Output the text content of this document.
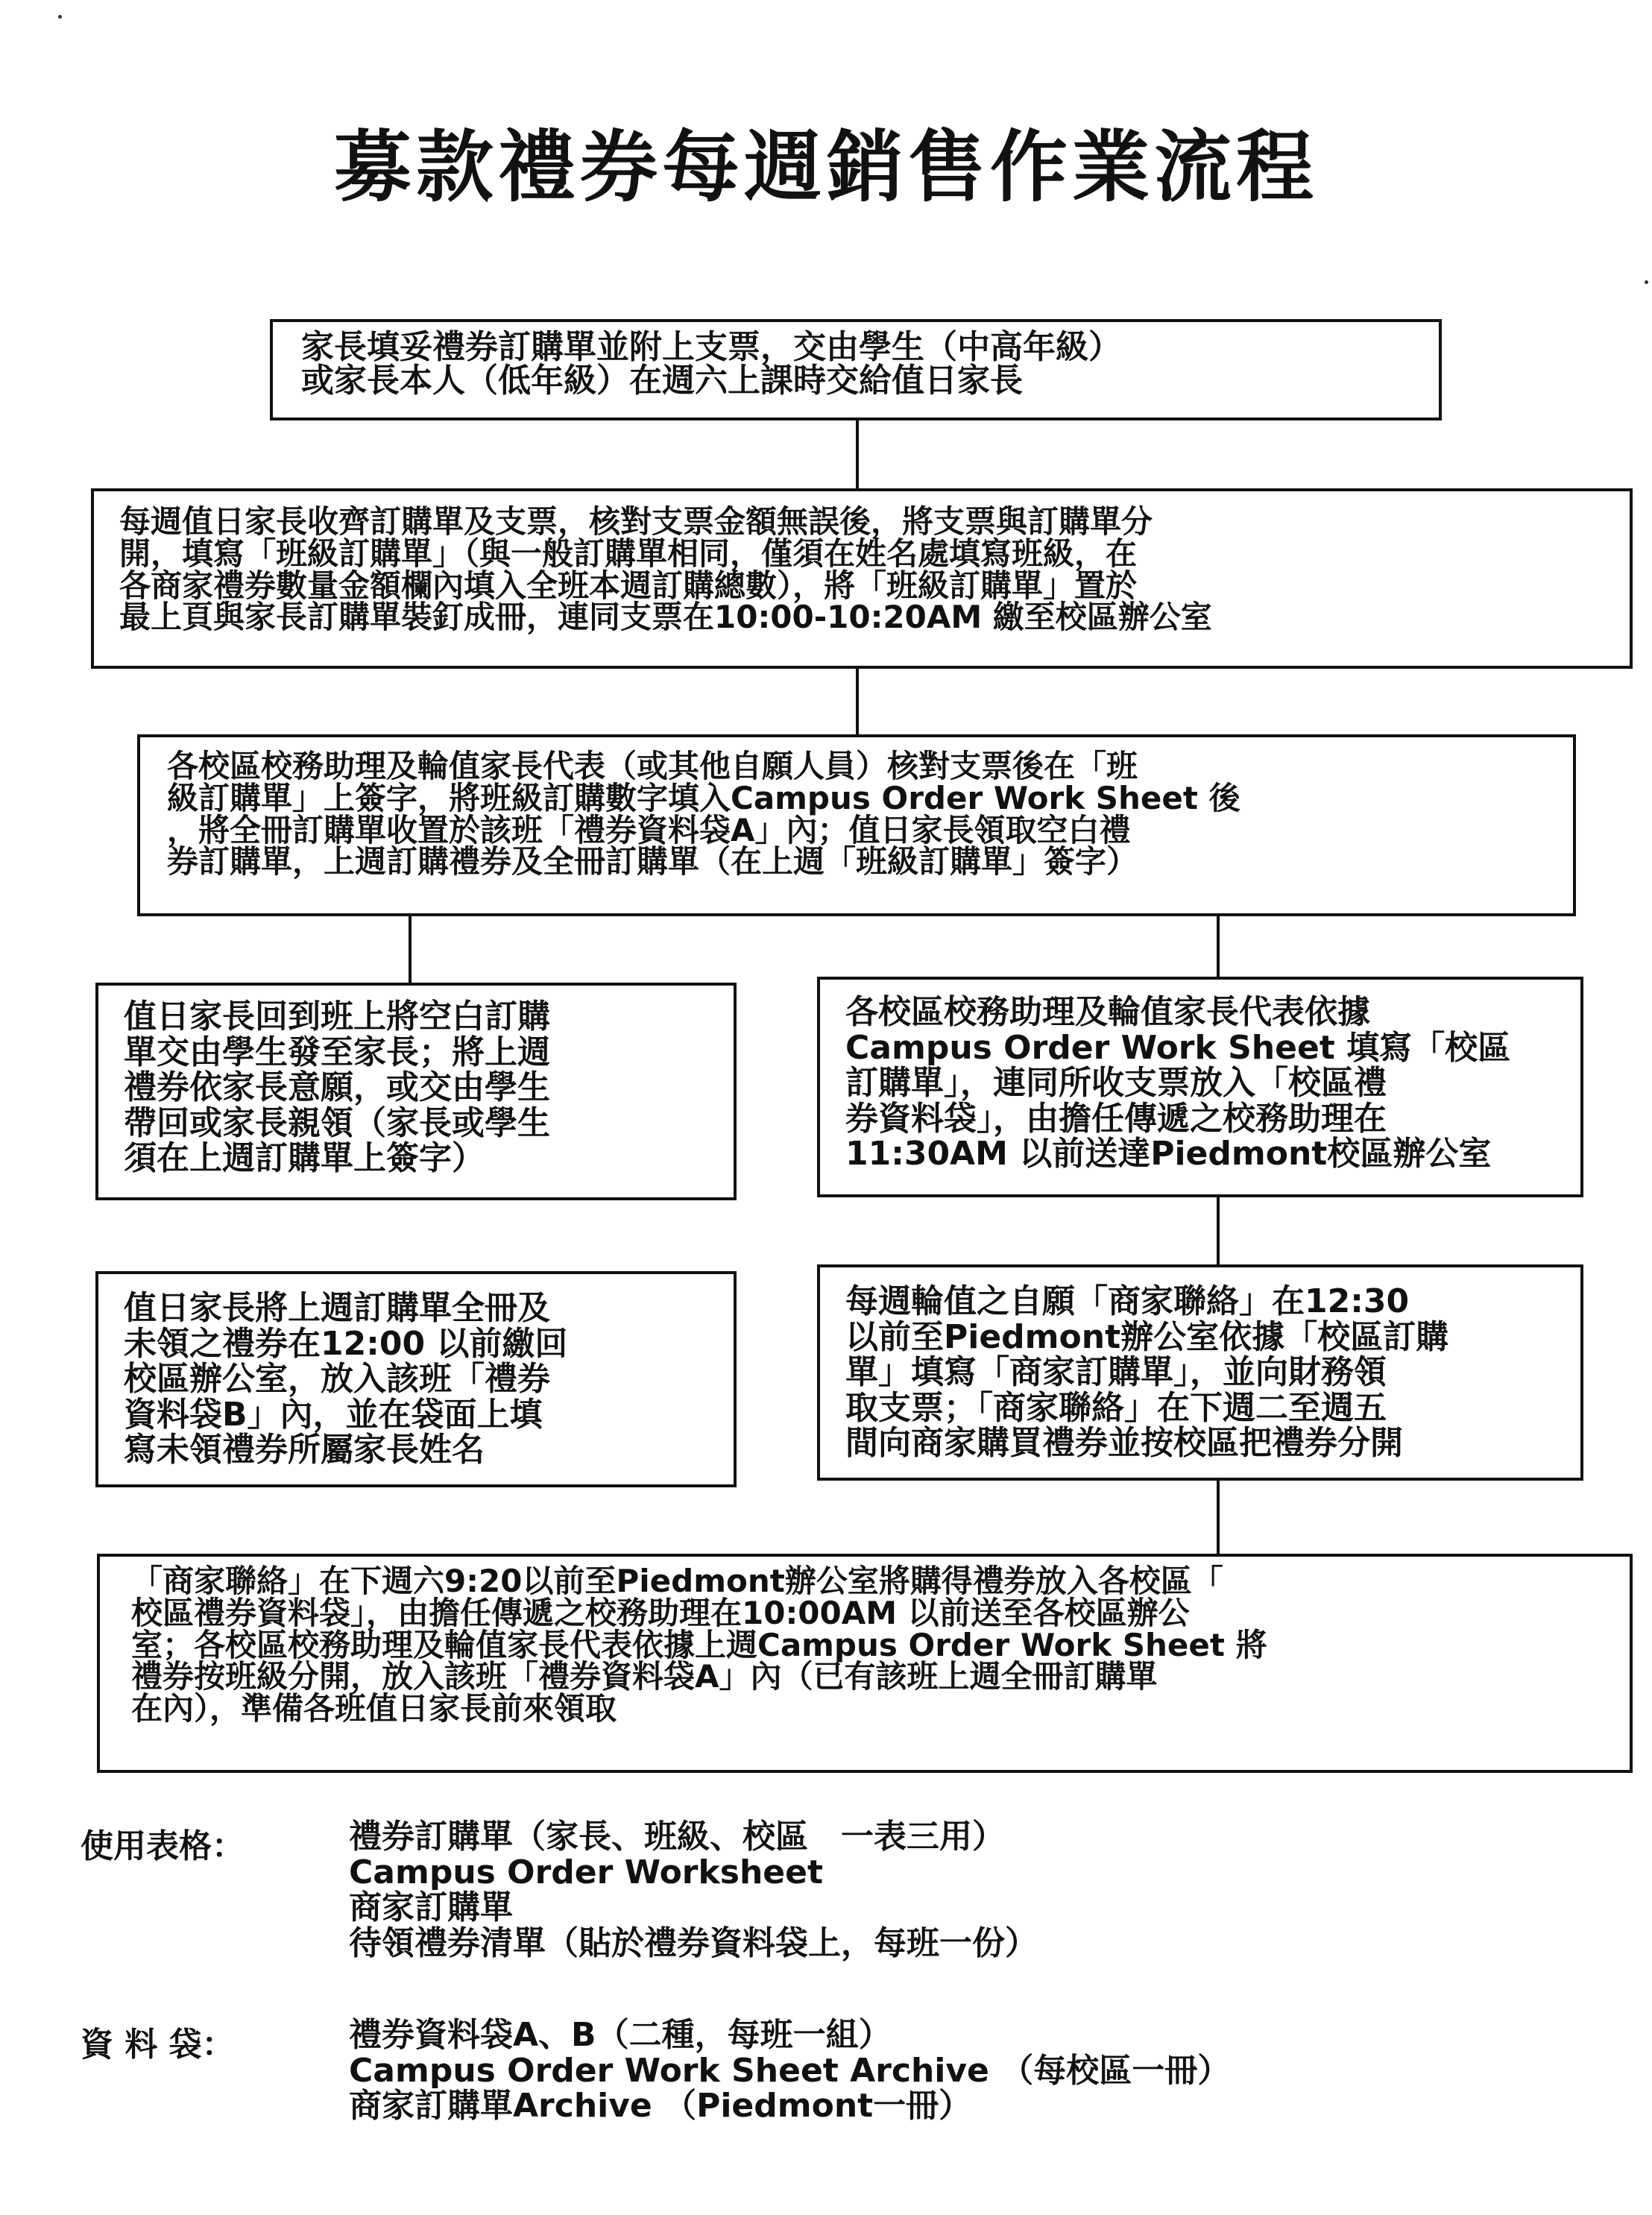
募款禮券每週銷售作業流程

家長填妥禮券訂購單並附上支票，交由學生（中高年級）

或家長本人（低年級）在週六上課時交給值日家長

每週值日家長收齊訂購單及支票，核對支票金額無誤後，將支票與訂購單分

開，填寫「班級訂購單」（與一般訂購單相同，僅須在姓名處填寫班級，在

各商家禮券數量金額欄內填入全班本週訂購總數），將「班級訂購單」置於

最上頁與家長訂購單裝釘成冊，連同支票在10:00-10:20AM 繳至校區辦公室

各校區校務助理及輪值家長代表（或其他自願人員）核對支票後在「班

級訂購單」上簽字，將班級訂購數字填入Campus Order Work Sheet 後

，將全冊訂購單收置於該班「禮券資料袋A」內；值日家長領取空白禮

券訂購單，上週訂購禮券及全冊訂購單（在上週「班級訂購單」簽字）

值日家長回到班上將空白訂購

單交由學生發至家長；將上週

禮券依家長意願，或交由學生

帶回或家長親領（家長或學生

須在上週訂購單上簽字）

各校區校務助理及輪值家長代表依據

Campus Order Work Sheet 填寫「校區

訂購單」，連同所收支票放入「校區禮

券資料袋」，由擔任傳遞之校務助理在

11:30AM 以前送達Piedmont校區辦公室

值日家長將上週訂購單全冊及

未領之禮券在12:00 以前繳回

校區辦公室，放入該班「禮券

資料袋B」內，並在袋面上填

寫未領禮券所屬家長姓名

每週輪值之自願「商家聯絡」在12:30

以前至Piedmont辦公室依據「校區訂購

單」填寫「商家訂購單」，並向財務領

取支票；「商家聯絡」在下週二至週五

間向商家購買禮券並按校區把禮券分開

「商家聯絡」在下週六9:20以前至Piedmont辦公室將購得禮券放入各校區「

校區禮券資料袋」，由擔任傳遞之校務助理在10:00AM 以前送至各校區辦公

室；各校區校務助理及輪值家長代表依據上週Campus Order Work Sheet 將

禮券按班級分開，放入該班「禮券資料袋A」內（已有該班上週全冊訂購單

在內），準備各班值日家長前來領取

使用表格：	禮券訂購單（家長、班級、校區　一表三用）
Campus Order Worksheet
商家訂購單
待領禮券清單（貼於禮券資料袋上，每班一份）
資 料 袋：	禮券資料袋A、B（二種，每班一組）
Campus Order Work Sheet Archive （每校區一冊）
商家訂購單Archive （Piedmont一冊）
